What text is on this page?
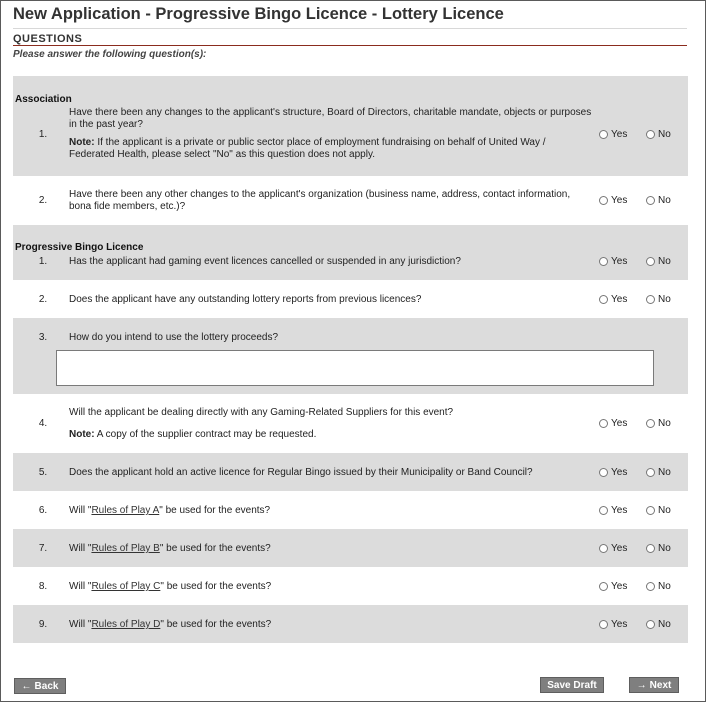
New Application - Progressive Bingo Licence - Lottery Licence
QUESTIONS
Please answer the following question(s):
Association
1.
Have there been any changes to the applicant's structure, Board of Directors, charitable mandate, objects or purposes in the past year?

Note: If the applicant is a private or public sector place of employment fundraising on behalf of United Way / Federated Health, please select "No" as this question does not apply.
Yes	No
2.
Have there been any other changes to the applicant's organization (business name, address, contact information, bona fide members, etc.)?
Yes	No
Progressive Bingo Licence
1.	Has the applicant had gaming event licences cancelled or suspended in any jurisdiction?	Yes	No
2.	Does the applicant have any outstanding lottery reports from previous licences?	Yes	No
3.	How do you intend to use the lottery proceeds?
4.
Will the applicant be dealing directly with any Gaming-Related Suppliers for this event?

Note: A copy of the supplier contract may be requested.
Yes	No
5.	Does the applicant hold an active licence for Regular Bingo issued by their Municipality or Band Council?	Yes	No
6.	Will "Rules of Play A" be used for the events?	Yes	No
7.	Will "Rules of Play B" be used for the events?	Yes	No
8.	Will "Rules of Play C" be used for the events?	Yes	No
9.	Will "Rules of Play D" be used for the events?	Yes	No
← Back	Save Draft	→ Next
